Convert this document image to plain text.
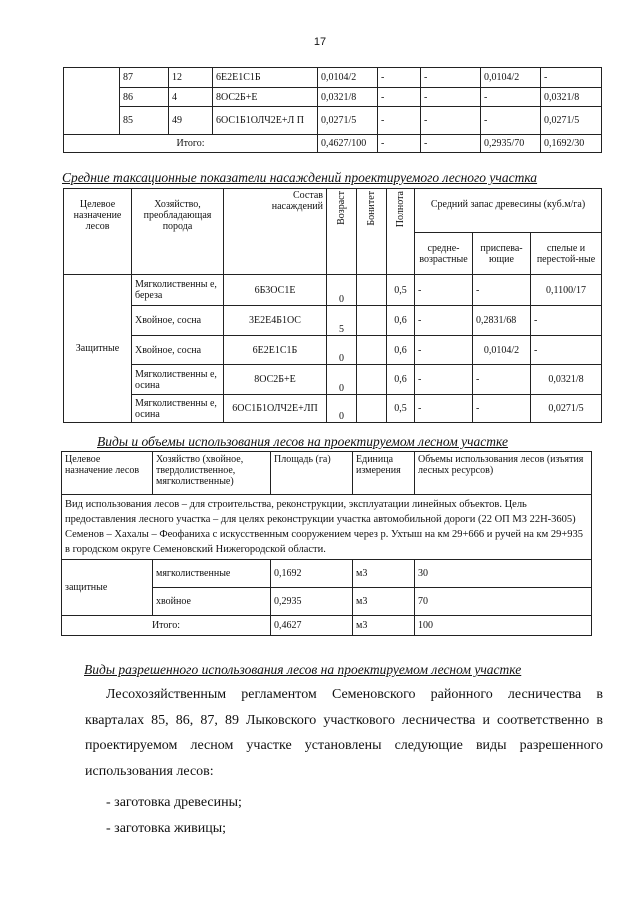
17
	87	12	6Е2Е1С1Б	0,0104/2	-	-	0,0104/2	-
	86	4	8ОС2Б+Е	0,0321/8	-	-	-	0,0321/8
	85	49	6ОС1Б1ОЛЧ2Е+Л П	0,0271/5	-	-	-	0,0271/5
Итого:				0,4627/100	-	-	0,2935/70	0,1692/30
Средние таксационные показатели насаждений проектируемого лесного участка
Целевое назначение лесов	Хозяйство, преобладающая порода	Состав насаждений	Возраст	Бонитет	Полнота	Средний запас древесины (куб.м/га)		
						средне-возрастные	приспева-ющие	спелые и перестой-ные
Защитные	Мягколиственны е, береза	6Б3ОС1Е	0		0,5	-	-	0,1100/17
	Хвойное, сосна	3Е2Е4Б1ОС	5		0,6	-	0,2831/68	-
	Хвойное, сосна	6Е2Е1С1Б	0		0,6	-	0,0104/2	-
	Мягколиственны е, осина	8ОС2Б+Е	0		0,6	-	-	0,0321/8
	Мягколиственны е, осина	6ОС1Б1ОЛЧ2Е+ЛП	0		0,5	-	-	0,0271/5
Виды и объемы использования лесов на проектируемом лесном участке
Целевое назначение лесов	Хозяйство (хвойное, твердолиственное, мягколиственные)	Площадь (га)	Единица измерения	Объемы использования лесов (изъятия лесных ресурсов)
Вид использования лесов – для строительства, реконструкции, эксплуатации линейных объектов. Цель предоставления лесного участка – для целях реконструкции участка автомобильной дороги (22 ОП МЗ 22Н-3605) Семенов – Хахалы – Феофаниха с искусственным сооружением через р. Ухтыш на км 29+666 и ручей на км 29+935 в городском округе Семеновский Нижегородской области.				
защитные	мягколиственные	0,1692	м3	30
	хвойное	0,2935	м3	70
Итого:		0,4627	м3	100
Виды разрешенного использования лесов на проектируемом лесном участке
Лесохозяйственным регламентом Семеновского районного лесничества в
кварталах 85, 86, 87, 89 Лыковского участкового лесничества и соответственно в
проектируемом лесном участке установлены следующие виды разрешенного
использования лесов:
- заготовка древесины;
- заготовка живицы;
